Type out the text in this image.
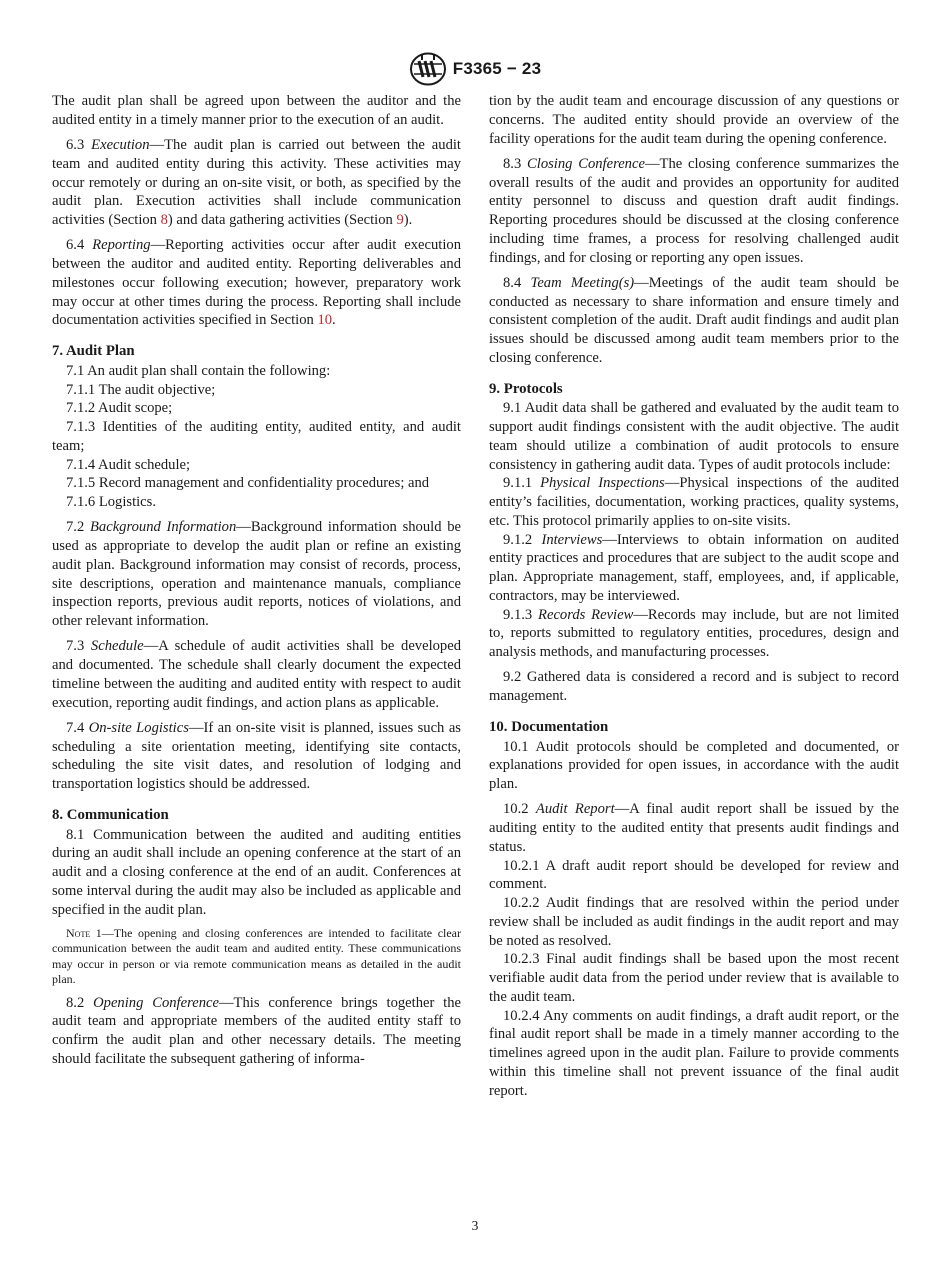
F3365 − 23

The audit plan shall be agreed upon between the auditor and the audited entity in a timely manner prior to the execution of an audit.

6.3 Execution—The audit plan is carried out between the audit team and audited entity during this activity. These activities may occur remotely or during an on-site visit, or both, as specified by the audit plan. Execution activities shall include communication activities (Section 8) and data gathering activities (Section 9).

6.4 Reporting—Reporting activities occur after audit execution between the auditor and audited entity. Reporting deliverables and milestones occur following execution; however, preparatory work may occur at other times during the process. Reporting shall include documentation activities specified in Section 10.

7. Audit Plan

7.1 An audit plan shall contain the following:

7.1.1 The audit objective;

7.1.2 Audit scope;

7.1.3 Identities of the auditing entity, audited entity, and audit team;

7.1.4 Audit schedule;

7.1.5 Record management and confidentiality procedures; and

7.1.6 Logistics.

7.2 Background Information—Background information should be used as appropriate to develop the audit plan or refine an existing audit plan. Background information may consist of records, process, site descriptions, operation and maintenance manuals, compliance inspection reports, previous audit reports, notices of violations, and other relevant information.

7.3 Schedule—A schedule of audit activities shall be developed and documented. The schedule shall clearly document the expected timeline between the auditing and audited entity with respect to audit execution, reporting audit findings, and action plans as applicable.

7.4 On-site Logistics—If an on-site visit is planned, issues such as scheduling a site orientation meeting, identifying site contacts, scheduling the site visit dates, and resolution of lodging and transportation logistics should be addressed.

8. Communication

8.1 Communication between the audited and auditing entities during an audit shall include an opening conference at the start of an audit and a closing conference at the end of an audit. Conferences at some interval during the audit may also be included as applicable and specified in the audit plan.

Note 1—The opening and closing conferences are intended to facilitate clear communication between the audit team and audited entity. These communications may occur in person or via remote communication means as detailed in the audit plan.

8.2 Opening Conference—This conference brings together the audit team and appropriate members of the audited entity staff to confirm the audit plan and other necessary details. The meeting should facilitate the subsequent gathering of informa-

tion by the audit team and encourage discussion of any questions or concerns. The audited entity should provide an overview of the facility operations for the audit team during the opening conference.

8.3 Closing Conference—The closing conference summarizes the overall results of the audit and provides an opportunity for audited entity personnel to discuss and question draft audit findings. Reporting procedures should be discussed at the closing conference including time frames, a process for resolving challenged audit findings, and for closing or reporting any open issues.

8.4 Team Meeting(s)—Meetings of the audit team should be conducted as necessary to share information and ensure timely and consistent completion of the audit. Draft audit findings and audit plan issues should be discussed among audit team members prior to the closing conference.

9. Protocols

9.1 Audit data shall be gathered and evaluated by the audit team to support audit findings consistent with the audit objective. The audit team should utilize a combination of audit protocols to ensure consistency in gathering audit data. Types of audit protocols include:

9.1.1 Physical Inspections—Physical inspections of the audited entity’s facilities, documentation, working practices, quality systems, etc. This protocol primarily applies to on-site visits.

9.1.2 Interviews—Interviews to obtain information on audited entity practices and procedures that are subject to the audit scope and plan. Appropriate management, staff, employees, and, if applicable, contractors, may be interviewed.

9.1.3 Records Review—Records may include, but are not limited to, reports submitted to regulatory entities, procedures, design and analysis methods, and manufacturing processes.

9.2 Gathered data is considered a record and is subject to record management.

10. Documentation

10.1 Audit protocols should be completed and documented, or explanations provided for open issues, in accordance with the audit plan.

10.2 Audit Report—A final audit report shall be issued by the auditing entity to the audited entity that presents audit findings and status.

10.2.1 A draft audit report should be developed for review and comment.

10.2.2 Audit findings that are resolved within the period under review shall be included as audit findings in the audit report and may be noted as resolved.

10.2.3 Final audit findings shall be based upon the most recent verifiable audit data from the period under review that is available to the audit team.

10.2.4 Any comments on audit findings, a draft audit report, or the final audit report shall be made in a timely manner according to the timelines agreed upon in the audit plan. Failure to provide comments within this timeline shall not prevent issuance of the final audit report.

3
